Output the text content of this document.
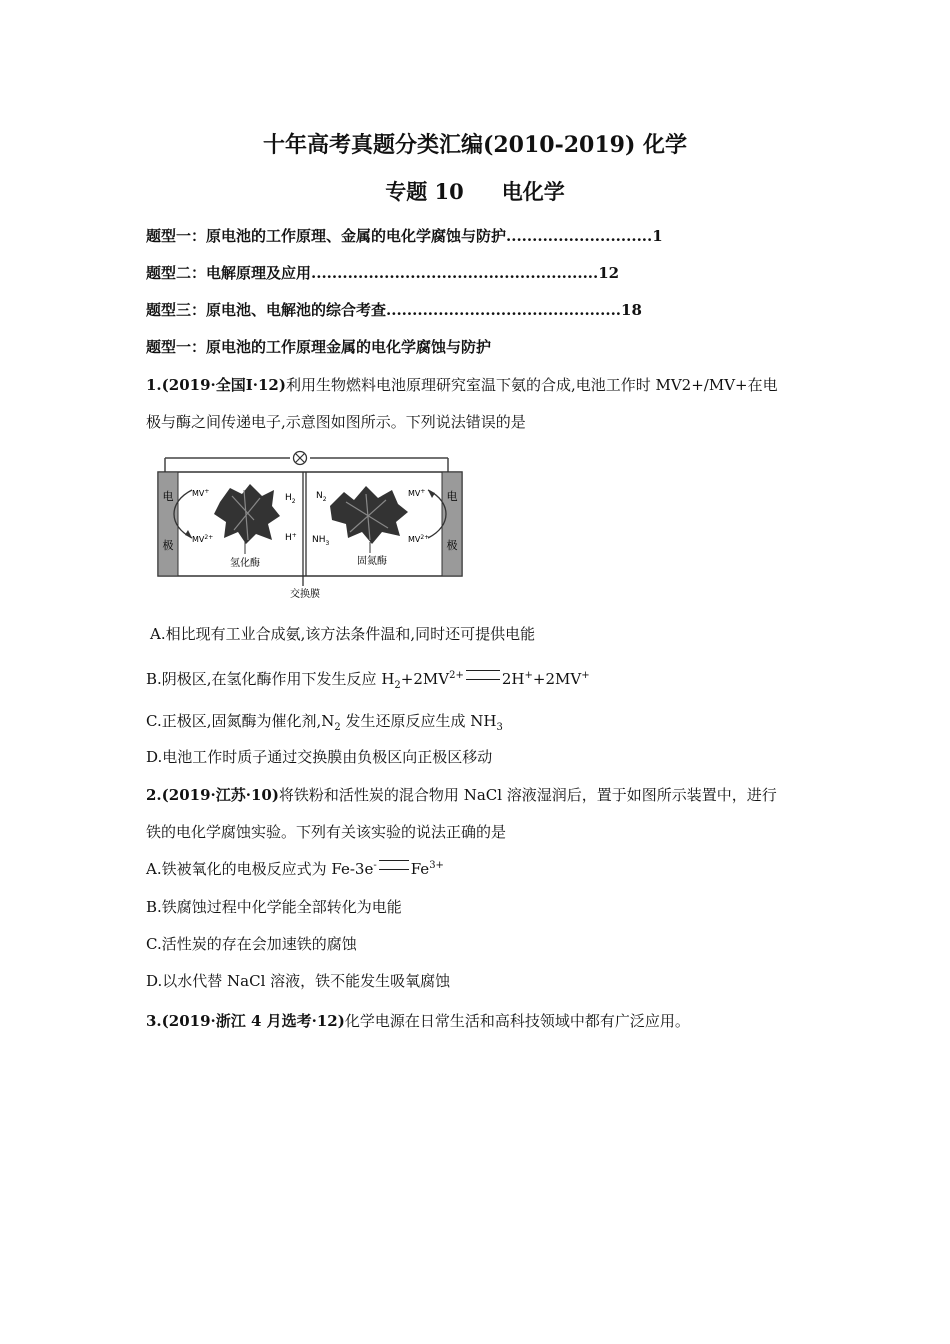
十年高考真题分类汇编(2010-2019) 化学
专题 10 电化学
题型一：原电池的工作原理、金属的电化学腐蚀与防护............................1
题型二：电解原理及应用.......................................................12
题型三：原电池、电解池的综合考查.............................................18
题型一：原电池的工作原理金属的电化学腐蚀与防护
1.(2019·全国Ⅰ·12)利用生物燃料电池原理研究室温下氨的合成,电池工作时 MV2+/MV+在电
极与酶之间传递电子,示意图如图所示。下列说法错误的是
电
极
电
极
MV+
$MV^{2+}$
MV+
$MV^{2+}$
$H_2$
H+
$N_2$
$NH_3$
氢化酶	固氮酶
交换膜
A.相比现有工业合成氨,该方法条件温和,同时还可提供电能
B.阴极区,在氢化酶作用下发生反应 $H_2+2MV^{2+}$	2H++2MV+
C.正极区,固氮酶为催化剂$,N_2$ 发生还原反应生成 $NH_3$
D.电池工作时质子通过交换膜由负极区向正极区移动
2.(2019·江苏·10)将铁粉和活性炭的混合物用 NaCl 溶液湿润后，置于如图所示装置中，进行
铁的电化学腐蚀实验。下列有关该实验的说法正确的是
A.铁被氧化的电极反应式为 Fe-3e- $Fe^{3+}$
B.铁腐蚀过程中化学能全部转化为电能
C.活性炭的存在会加速铁的腐蚀
D.以水代替 NaCl 溶液，铁不能发生吸氧腐蚀
3.(2019·浙江 4 月选考·12)化学电源在日常生活和高科技领域中都有广泛应用。
